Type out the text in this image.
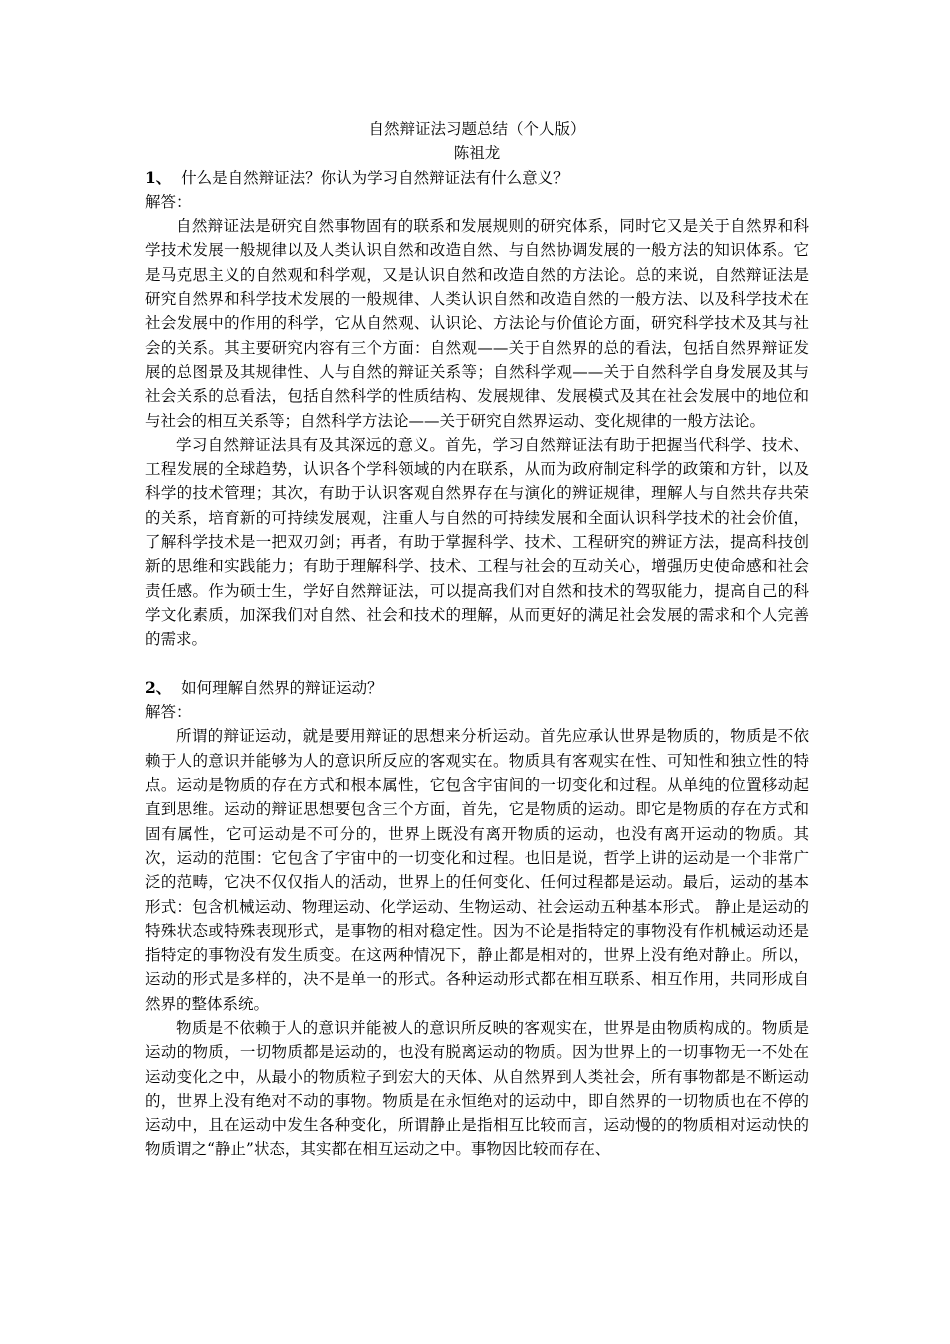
自然辩证法习题总结（个人版）

陈祖龙

1、 什么是自然辩证法？你认为学习自然辩证法有什么意义？

解答：

自然辩证法是研究自然事物固有的联系和发展规则的研究体系，同时它又是关于自然界和科学技术发展一般规律以及人类认识自然和改造自然、与自然协调发展的一般方法的知识体系。它是马克思主义的自然观和科学观，又是认识自然和改造自然的方法论。总的来说，自然辩证法是研究自然界和科学技术发展的一般规律、人类认识自然和改造自然的一般方法、以及科学技术在社会发展中的作用的科学，它从自然观、认识论、方法论与价值论方面，研究科学技术及其与社会的关系。其主要研究内容有三个方面：自然观——关于自然界的总的看法，包括自然界辩证发展的总图景及其规律性、人与自然的辩证关系等；自然科学观——关于自然科学自身发展及其与社会关系的总看法，包括自然科学的性质结构、发展规律、发展模式及其在社会发展中的地位和与社会的相互关系等；自然科学方法论——关于研究自然界运动、变化规律的一般方法论。

学习自然辩证法具有及其深远的意义。首先，学习自然辩证法有助于把握当代科学、技术、工程发展的全球趋势，认识各个学科领域的内在联系，从而为政府制定科学的政策和方针，以及科学的技术管理；其次，有助于认识客观自然界存在与演化的辨证规律，理解人与自然共存共荣的关系，培育新的可持续发展观，注重人与自然的可持续发展和全面认识科学技术的社会价值，了解科学技术是一把双刃剑；再者，有助于掌握科学、技术、工程研究的辨证方法，提高科技创新的思维和实践能力；有助于理解科学、技术、工程与社会的互动关心，增强历史使命感和社会责任感。作为硕士生，学好自然辩证法，可以提高我们对自然和技术的驾驭能力，提高自己的科学文化素质，加深我们对自然、社会和技术的理解，从而更好的满足社会发展的需求和个人完善的需求。

2、 如何理解自然界的辩证运动？

解答：

所谓的辩证运动，就是要用辩证的思想来分析运动。首先应承认世界是物质的，物质是不依赖于人的意识并能够为人的意识所反应的客观实在。物质具有客观实在性、可知性和独立性的特点。运动是物质的存在方式和根本属性，它包含宇宙间的一切变化和过程。从单纯的位置移动起直到思维。运动的辩证思想要包含三个方面，首先，它是物质的运动。即它是物质的存在方式和固有属性，它可运动是不可分的，世界上既没有离开物质的运动，也没有离开运动的物质。其次，运动的范围：它包含了宇宙中的一切变化和过程。也旧是说，哲学上讲的运动是一个非常广泛的范畴，它决不仅仅指人的活动，世界上的任何变化、任何过程都是运动。最后，运动的基本形式：包含机械运动、物理运动、化学运动、生物运动、社会运动五种基本形式。 静止是运动的特殊状态或特殊表现形式，是事物的相对稳定性。因为不论是指特定的事物没有作机械运动还是指特定的事物没有发生质变。在这两种情况下，静止都是相对的，世界上没有绝对静止。所以，运动的形式是多样的，决不是单一的形式。各种运动形式都在相互联系、相互作用，共同形成自然界的整体系统。

物质是不依赖于人的意识并能被人的意识所反映的客观实在，世界是由物质构成的。物质是运动的物质，一切物质都是运动的，也没有脱离运动的物质。因为世界上的一切事物无一不处在运动变化之中，从最小的物质粒子到宏大的天体、从自然界到人类社会，所有事物都是不断运动的，世界上没有绝对不动的事物。物质是在永恒绝对的运动中，即自然界的一切物质也在不停的运动中，且在运动中发生各种变化，所谓静止是指相互比较而言，运动慢的的物质相对运动快的物质谓之“静止”状态，其实都在相互运动之中。事物因比较而存在、
